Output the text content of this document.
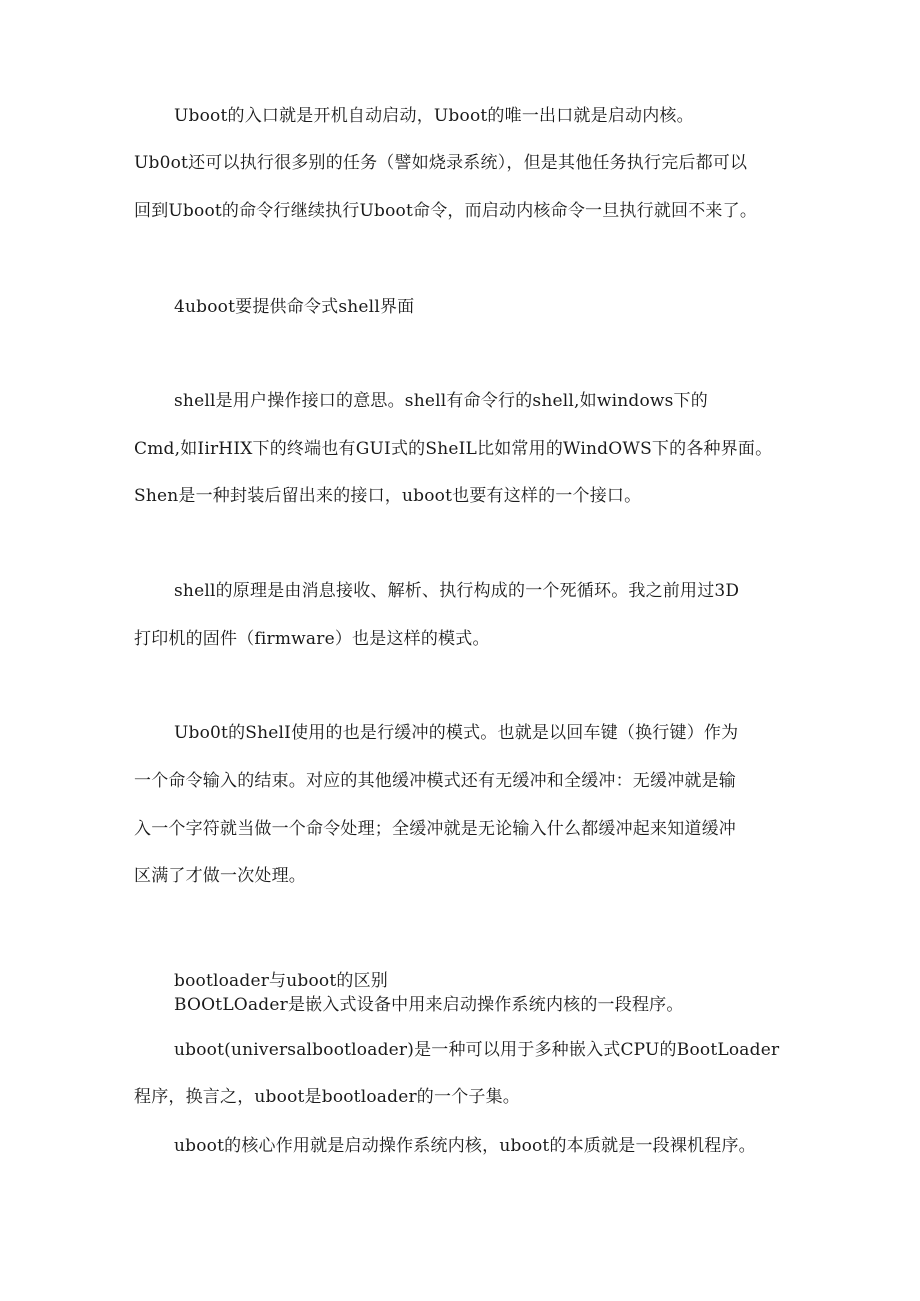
Uboot的入口就是开机自动启动，Uboot的唯一出口就是启动内核。
Ub0ot还可以执行很多别的任务（譬如烧录系统），但是其他任务执行完后都可以
回到Uboot的命令行继续执行Uboot命令，而启动内核命令一旦执行就回不来了。
4uboot要提供命令式shell界面
shell是用户操作接口的意思。shell有命令行的shell,如windows下的
Cmd,如IirHIX下的终端也有GUI式的SheIL比如常用的WindOWS下的各种界面。
Shen是一种封装后留出来的接口，uboot也要有这样的一个接口。
shell的原理是由消息接收、解析、执行构成的一个死循环。我之前用过3D
打印机的固件（firmware）也是这样的模式。
Ubo0t的ShelI使用的也是行缓冲的模式。也就是以回车键（换行键）作为
一个命令输入的结束。对应的其他缓冲模式还有无缓冲和全缓冲：无缓冲就是输
入一个字符就当做一个命令处理；全缓冲就是无论输入什么都缓冲起来知道缓冲
区满了才做一次处理。
bootloader与uboot的区别
BOOtLOader是嵌入式设备中用来启动操作系统内核的一段程序。
uboot(universalbootloader)是一种可以用于多种嵌入式CPU的BootLoader
程序，换言之，uboot是bootloader的一个子集。
uboot的核心作用就是启动操作系统内核，uboot的本质就是一段裸机程序。
